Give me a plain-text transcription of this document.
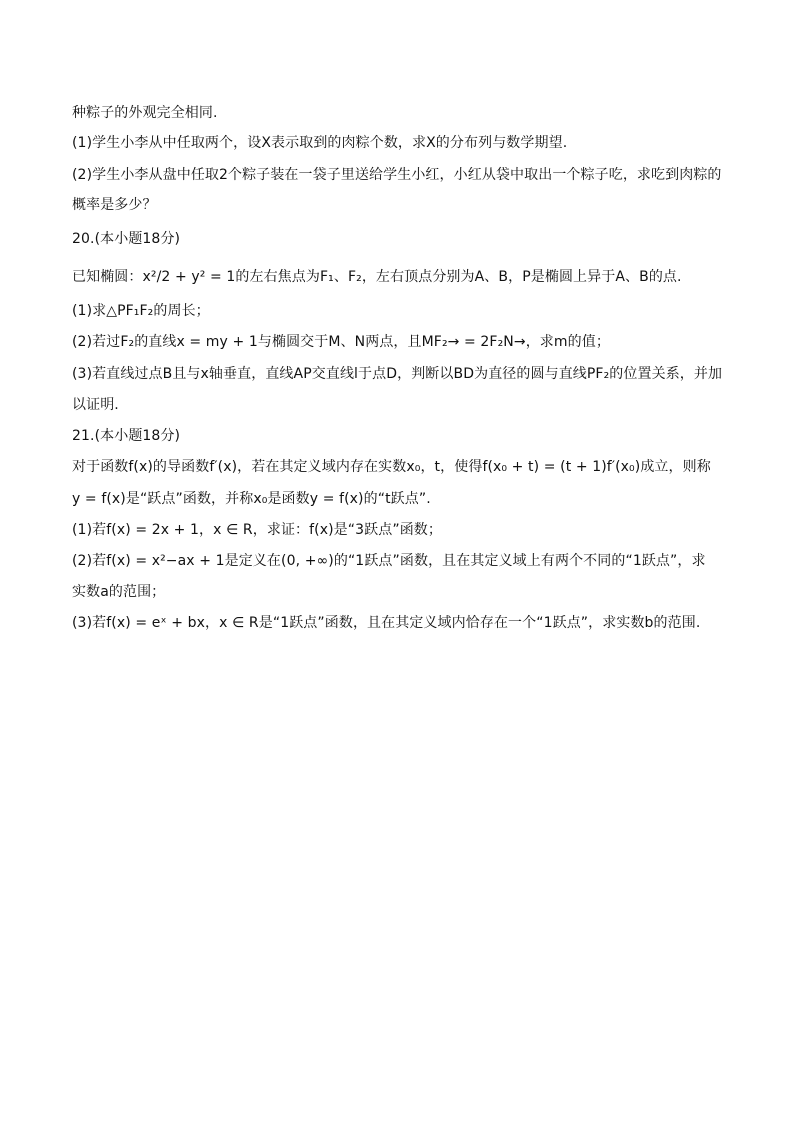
种粽子的外观完全相同.
(1)学生小李从中任取两个，设X表示取到的肉粽个数，求X的分布列与数学期望.
(2)学生小李从盘中任取2个粽子装在一袋子里送给学生小红，小红从袋中取出一个粽子吃，求吃到肉粽的
概率是多少？
20.(本小题18分)
已知椭圆：x²/2 + y² = 1的左右焦点为F₁、F₂，左右顶点分别为A、B，P是椭圆上异于A、B的点.
(1)求△PF₁F₂的周长；
(2)若过F₂的直线x = my + 1与椭圆交于M、N两点，且MF₂→ = 2F₂N→，求m的值；
(3)若直线过点B且与x轴垂直，直线AP交直线l于点D，判断以BD为直径的圆与直线PF₂的位置关系，并加
以证明.
21.(本小题18分)
对于函数f(x)的导函数f′(x)，若在其定义域内存在实数x₀，t，使得f(x₀ + t) = (t + 1)f′(x₀)成立，则称
y = f(x)是“跃点”函数，并称x₀是函数y = f(x)的“t跃点”.
(1)若f(x) = 2x + 1，x ∈ R，求证：f(x)是“3跃点”函数；
(2)若f(x) = x²−ax + 1是定义在(0, +∞)的“1跃点”函数，且在其定义域上有两个不同的“1跃点”，求
实数a的范围；
(3)若f(x) = eˣ + bx，x ∈ R是“1跃点”函数，且在其定义域内恰存在一个“1跃点”，求实数b的范围.
